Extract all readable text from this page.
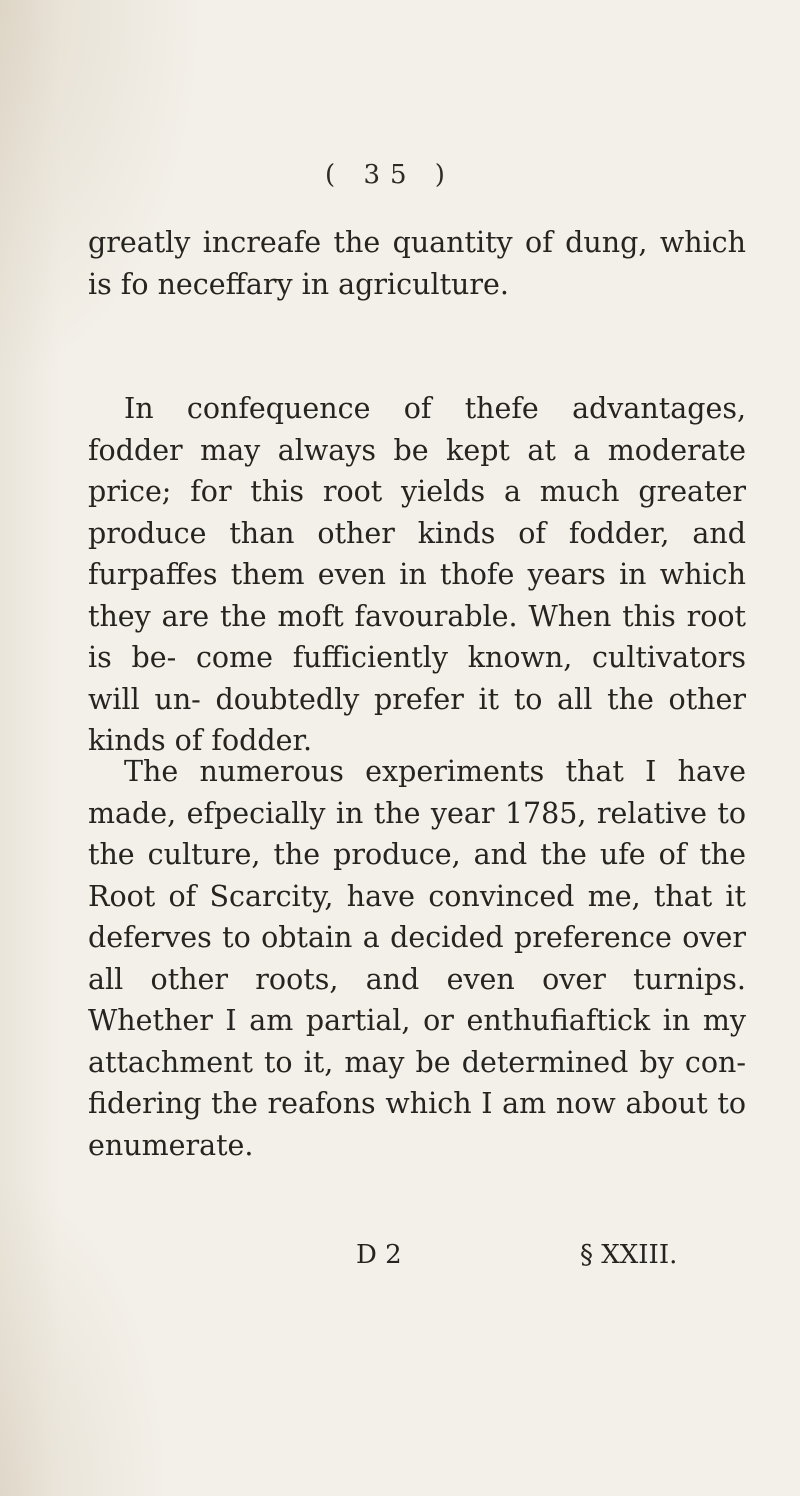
( 35 )

greatly increafe the quantity of dung, which is fo neceffary in agriculture.

In confequence of thefe advantages, fodder may always be kept at a moderate price; for this root yields a much greater produce than other kinds of fodder, and furpaffes them even in thofe years in which they are the moft favourable. When this root is be- come fufficiently known, cultivators will un- doubtedly prefer it to all the other kinds of fodder.

The numerous experiments that I have made, efpecially in the year 1785, relative to the culture, the produce, and the ufe of the Root of Scarcity, have convinced me, that it deferves to obtain a decided preference over all other roots, and even over turnips. Whether I am partial, or enthufiaftick in my attachment to it, may be determined by con- fidering the reafons which I am now about to enumerate.

D 2	§ XXIII.
